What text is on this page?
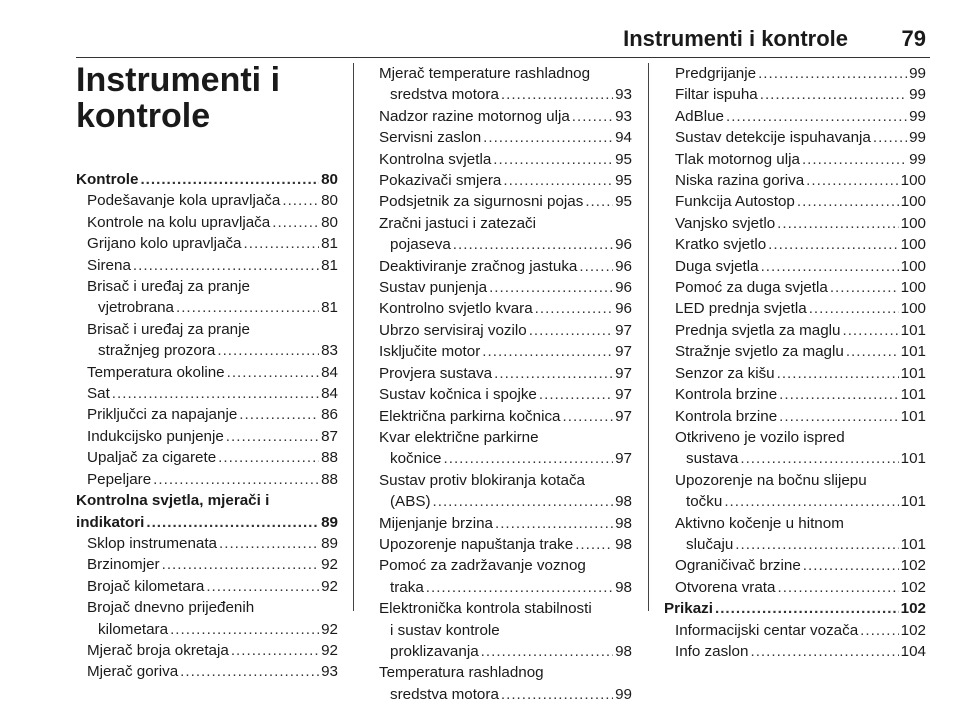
Instrumenti i kontrole 79
Instrumenti i
kontrole
Kontrole .....	80
Podešavanje kola upravljača .....	80
Kontrole na kolu upravljača .....	80
Grijano kolo upravljača .....	81
Sirena .....	81
Brisač i uređaj za pranje
vjetrobrana .....	81
Brisač i uređaj za pranje
stražnjeg prozora .....	83
Temperatura okoline .....	84
Sat .....	84
Priključci za napajanje .....	86
Indukcijsko punjenje .....	87
Upaljač za cigarete .....	88
Pepeljare .....	88
Kontrolna svjetla, mjerači i
indikatori .....	89
Sklop instrumenata .....	89
Brzinomjer .....	92
Brojač kilometara .....	92
Brojač dnevno prijeđenih
kilometara .....	92
Mjerač broja okretaja .....	92
Mjerač goriva .....	93
Mjerač temperature rashladnog
sredstva motora .....	93
Nadzor razine motornog ulja .....	93
Servisni zaslon .....	94
Kontrolna svjetla .....	95
Pokazivači smjera .....	95
Podsjetnik za sigurnosni pojas ..... 95
Zračni jastuci i zatezači
pojaseva .....	96
Deaktiviranje zračnog jastuka ..... 96
Sustav punjenja .....	96
Kontrolno svjetlo kvara .....	96
Ubrzo servisiraj vozilo .....	97
Isključite motor .....	97
Provjera sustava .....	97
Sustav kočnica i spojke .....	97
Električna parkirna kočnica .....	97
Kvar električne parkirne
kočnice .....	97
Sustav protiv blokiranja kotača
(ABS) .....	98
Mijenjanje brzina .....	98
Upozorenje napuštanja trake .....	98
Pomoć za zadržavanje voznog
traka .....	98
Elektronička kontrola stabilnosti
i sustav kontrole
proklizavanja .....	98
Temperatura rashladnog
sredstva motora .....	99
Predgrijanje .....	99
Filtar ispuha .....	99
AdBlue .....	99
Sustav detekcije ispuhavanja .....	99
Tlak motornog ulja .....	99
Niska razina goriva .....	100
Funkcija Autostop .....	100
Vanjsko svjetlo .....	100
Kratko svjetlo .....	100
Duga svjetla .....	100
Pomoć za duga svjetla .....	100
LED prednja svjetla .....	100
Prednja svjetla za maglu .....	101
Stražnje svjetlo za maglu .....	101
Senzor za kišu .....	101
Kontrola brzine .....	101
Kontrola brzine .....	101
Otkriveno je vozilo ispred
sustava .....	101
Upozorenje na bočnu slijepu
točku .....	101
Aktivno kočenje u hitnom
slučaju .....	101
Ograničivač brzine .....	102
Otvorena vrata .....	102
Prikazi .....	102
Informacijski centar vozača .....	102
Info zaslon .....	104
